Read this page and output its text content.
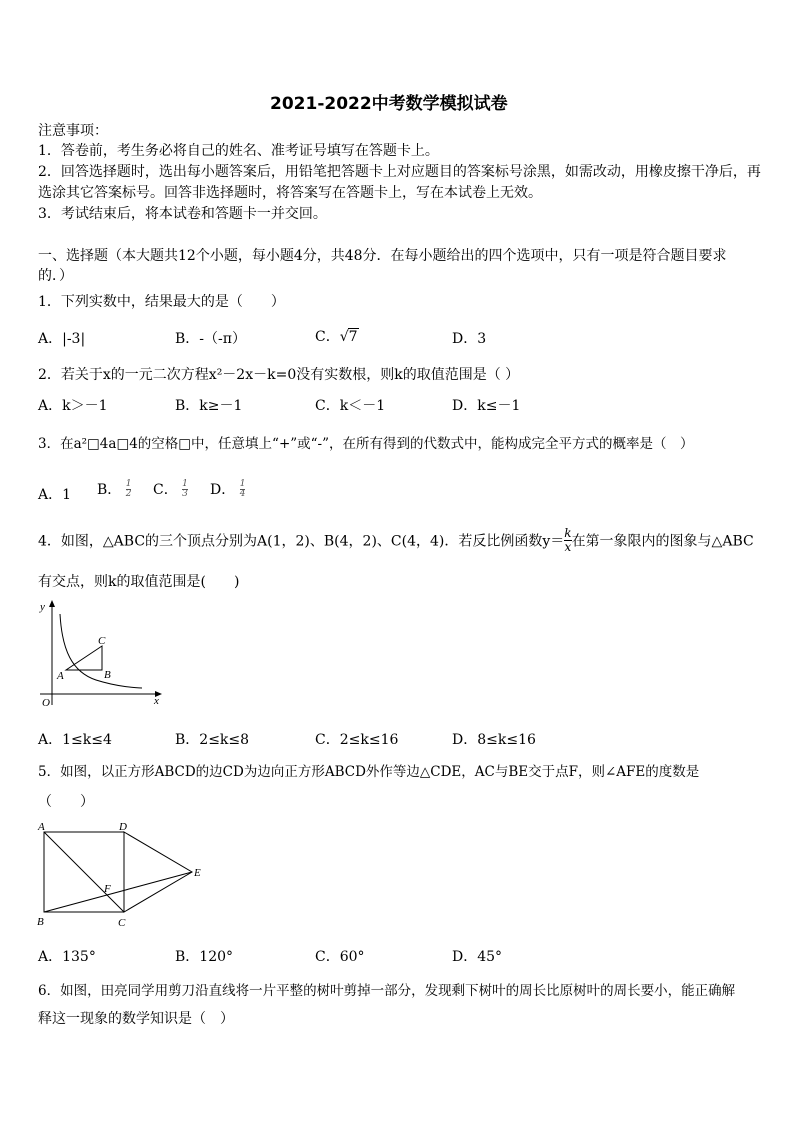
2021-2022中考数学模拟试卷
注意事项：
1．答卷前，考生务必将自己的姓名、准考证号填写在答题卡上。
2．回答选择题时，选出每小题答案后，用铅笔把答题卡上对应题目的答案标号涂黑，如需改动，用橡皮擦干净后，再
选涂其它答案标号。回答非选择题时，将答案写在答题卡上，写在本试卷上无效。
3．考试结束后，将本试卷和答题卡一并交回。
一、选择题（本大题共12个小题，每小题4分，共48分．在每小题给出的四个选项中，只有一项是符合题目要求
的．）
1．下列实数中，结果最大的是（　　）
A．|-3|	B．-（-π）	C．√7	D．3
2．若关于x的一元二次方程x²－2x－k=0没有实数根，则k的取值范围是（ ）
A．k＞－1	B．k≥－1	C．k＜－1	D．k≤－1
3．在a²□4a□4的空格□中，任意填上“+”或“-”，在所有得到的代数式中，能构成完全平方式的概率是（　）
A．1 B． $\frac{1}{2}$ C． $\frac{1}{3}$ D． $\frac{1}{4}$
4．如图，△ABC的三个顶点分别为A(1，2)、B(4，2)、C(4，4)．若反比例函数$y= \frac{k}{x}$ 在第一象限内的图象与△ABC
有交点，则k的取值范围是(　　)
y
x
O
A	B
C
A．1≤k≤4	B．2≤k≤8	C．2≤k≤16	D．8≤k≤16
5．如图，以正方形ABCD的边CD为边向正方形ABCD外作等边△CDE，AC与BE交于点F，则∠AFE的度数是
（　　）
A	D
B	C
E
F
A．135°	B．120°	C．60°	D．45°
6．如图，田亮同学用剪刀沿直线将一片平整的树叶剪掉一部分，发现剩下树叶的周长比原树叶的周长要小，能正确解
释这一现象的数学知识是（　）
